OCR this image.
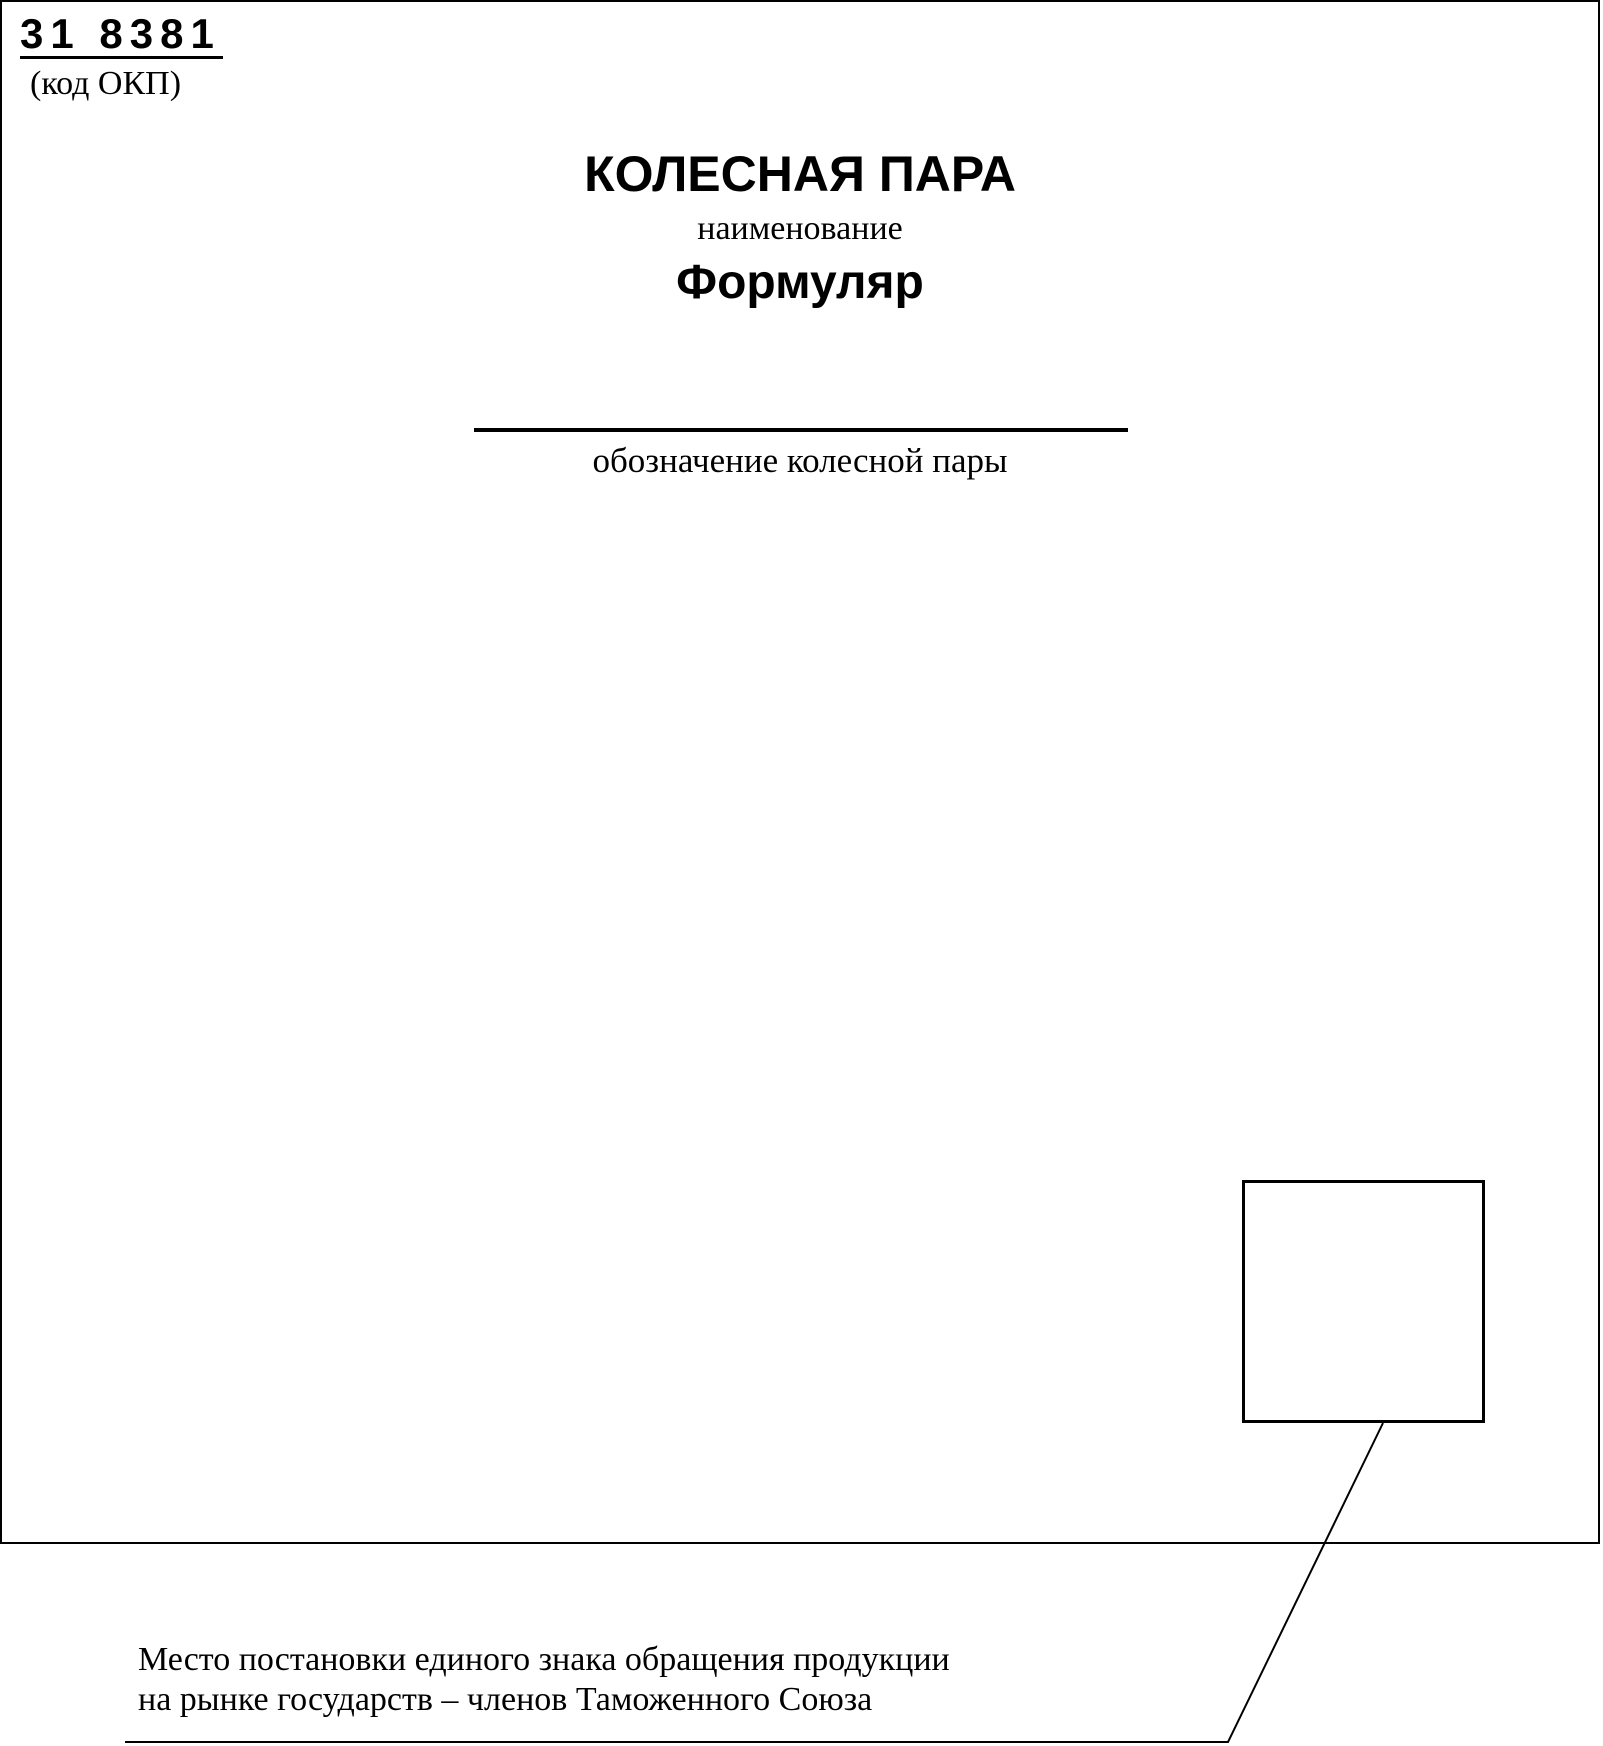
31 8381
(код ОКП)
КОЛЕСНАЯ ПАРА
наименование
Формуляр
обозначение колесной пары
Место постановки единого знака обращения продукции
на рынке государств – членов Таможенного Союза
